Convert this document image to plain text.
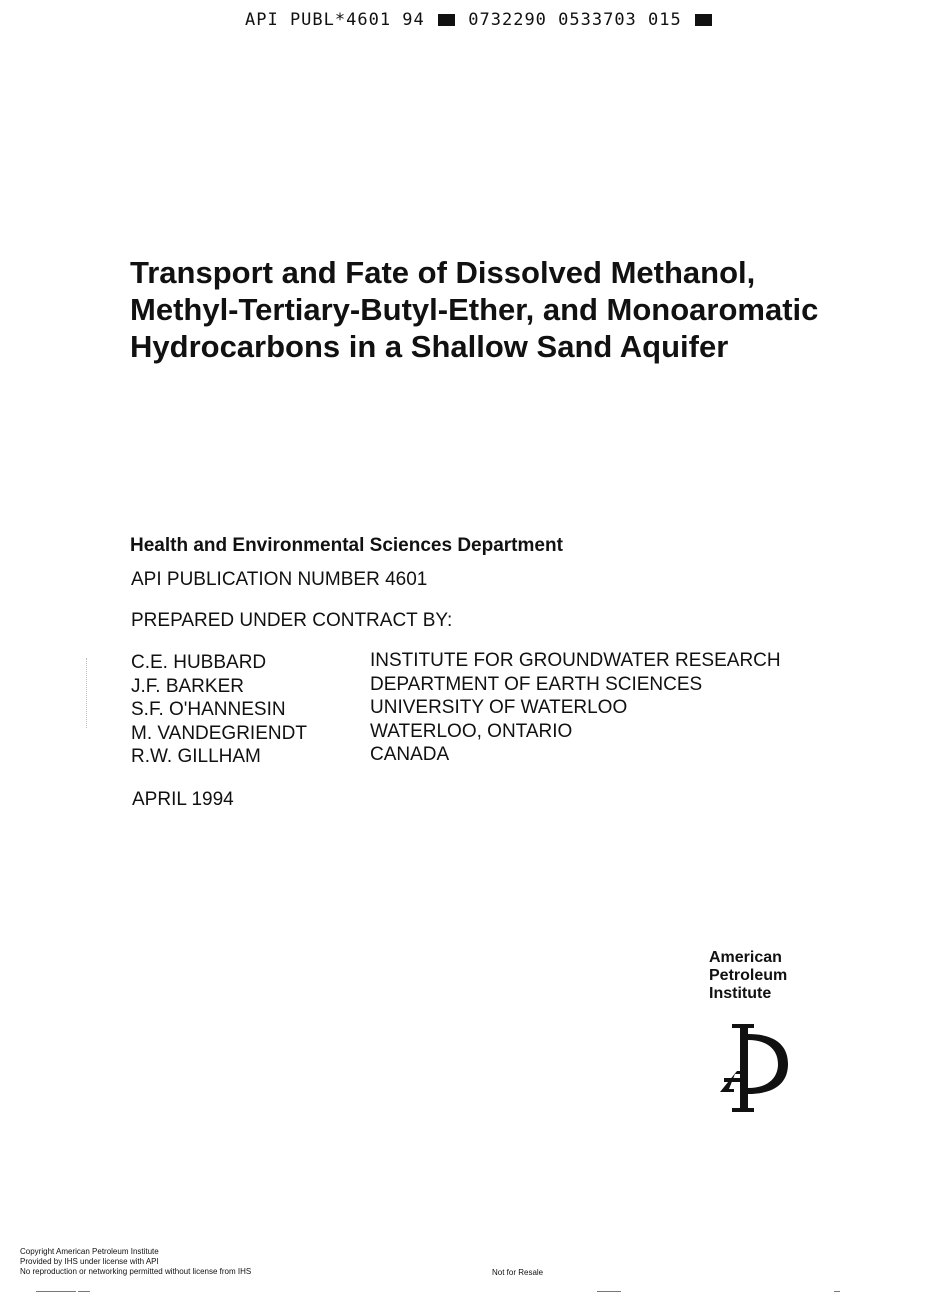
API PUBL*4601 94	0732290 0533703 015
Transport and Fate of Dissolved Methanol,
Methyl-Tertiary-Butyl-Ether, and Monoaromatic
Hydrocarbons in a Shallow Sand Aquifer
Health and Environmental Sciences Department
API PUBLICATION NUMBER 4601
PREPARED UNDER CONTRACT BY:
C.E. HUBBARD
J.F. BARKER
S.F. O'HANNESIN
M. VANDEGRIENDT
R.W. GILLHAM
INSTITUTE FOR GROUNDWATER RESEARCH
DEPARTMENT OF EARTH SCIENCES
UNIVERSITY OF WATERLOO
WATERLOO, ONTARIO
CANADA
APRIL 1994
American
Petroleum
Institute
Copyright American Petroleum Institute
Provided by IHS under license with API
No reproduction or networking permitted without license from IHS	Not for Resale
